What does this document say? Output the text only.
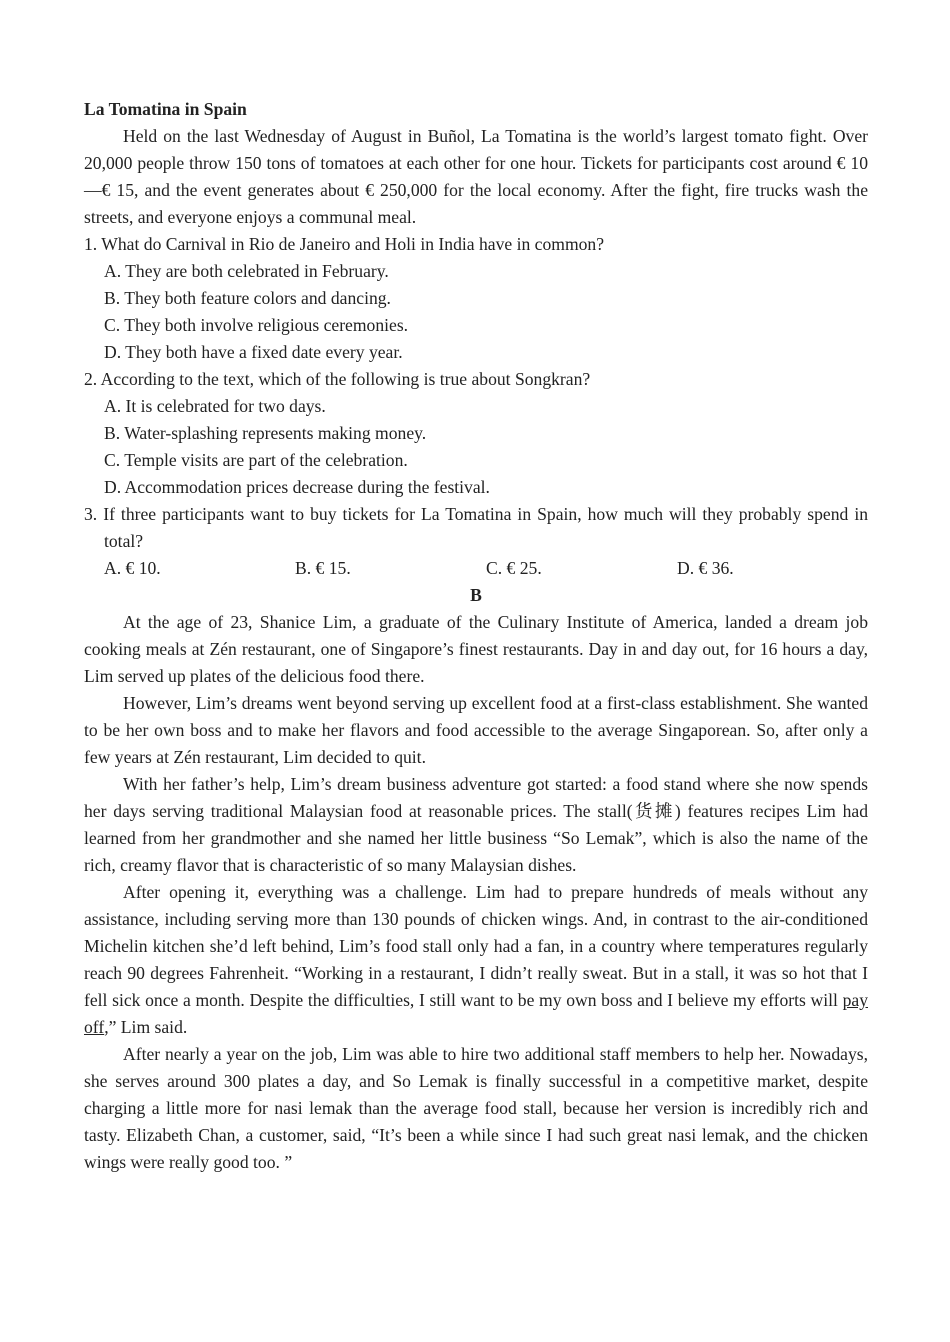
La Tomatina in Spain

Held on the last Wednesday of August in Buñol, La Tomatina is the world’s largest tomato fight. Over 20,000 people throw 150 tons of tomatoes at each other for one hour. Tickets for participants cost around € 10—€ 15, and the event generates about € 250,000 for the local economy. After the fight, fire trucks wash the streets, and everyone enjoys a communal meal.

1. What do Carnival in Rio de Janeiro and Holi in India have in common?

A. They are both celebrated in February.

B. They both feature colors and dancing.

C. They both involve religious ceremonies.

D. They both have a fixed date every year.

2. According to the text, which of the following is true about Songkran?

A. It is celebrated for two days.

B. Water-splashing represents making money.

C. Temple visits are part of the celebration.

D. Accommodation prices decrease during the festival.

3. If three participants want to buy tickets for La Tomatina in Spain, how much will they probably spend in total?

A. € 10.	B. € 15.	C. € 25.	D. € 36.

B

At the age of 23, Shanice Lim, a graduate of the Culinary Institute of America, landed a dream job cooking meals at Zén restaurant, one of Singapore’s finest restaurants. Day in and day out, for 16 hours a day, Lim served up plates of the delicious food there.

However, Lim’s dreams went beyond serving up excellent food at a first-class establishment. She wanted to be her own boss and to make her flavors and food accessible to the average Singaporean. So, after only a few years at Zén restaurant, Lim decided to quit.

With her father’s help, Lim’s dream business adventure got started: a food stand where she now spends her days serving traditional Malaysian food at reasonable prices. The stall(货摊) features recipes Lim had learned from her grandmother and she named her little business “So Lemak”, which is also the name of the rich, creamy flavor that is characteristic of so many Malaysian dishes.

After opening it, everything was a challenge. Lim had to prepare hundreds of meals without any assistance, including serving more than 130 pounds of chicken wings. And, in contrast to the air-conditioned Michelin kitchen she’d left behind, Lim’s food stall only had a fan, in a country where temperatures regularly reach 90 degrees Fahrenheit. “Working in a restaurant, I didn’t really sweat. But in a stall, it was so hot that I fell sick once a month. Despite the difficulties, I still want to be my own boss and I believe my efforts will pay off,” Lim said.

After nearly a year on the job, Lim was able to hire two additional staff members to help her. Nowadays, she serves around 300 plates a day, and So Lemak is finally successful in a competitive market, despite charging a little more for nasi lemak than the average food stall, because her version is incredibly rich and tasty. Elizabeth Chan, a customer, said, “It’s been a while since I had such great nasi lemak, and the chicken wings were really good too. ”
